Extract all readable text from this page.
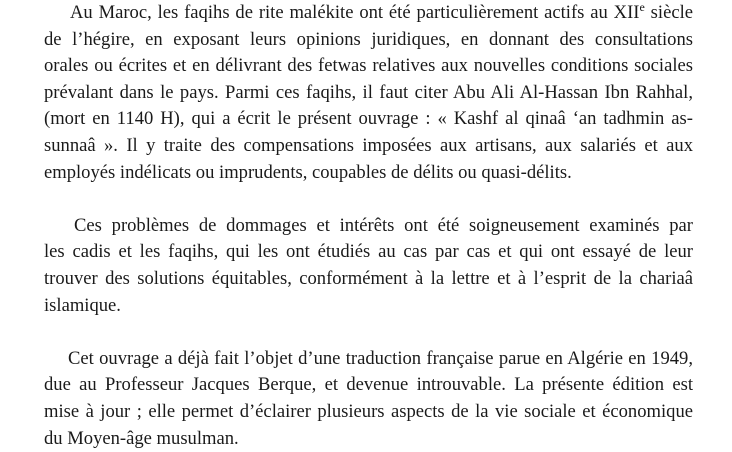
Au Maroc, les faqihs de rite malékite ont été particulièrement actifs au XIIe siècle
de l’hégire, en exposant leurs opinions juridiques, en donnant des consultations
orales ou écrites et en délivrant des fetwas relatives aux nouvelles conditions sociales
prévalant dans le pays. Parmi ces faqihs, il faut citer Abu Ali Al-Hassan Ibn Rahhal,
(mort en 1140 H), qui a écrit le présent ouvrage : « Kashf al qinaâ ‘an tadhmin as-
sunnaâ ». Il y traite des compensations imposées aux artisans, aux salariés et aux
employés indélicats ou imprudents, coupables de délits ou quasi-délits.

Ces problèmes de dommages et intérêts ont été soigneusement examinés par
les cadis et les faqihs, qui les ont étudiés au cas par cas et qui ont essayé de leur
trouver des solutions équitables, conformément à la lettre et à l’esprit de la chariaâ
islamique.

Cet ouvrage a déjà fait l’objet d’une traduction française parue en Algérie en 1949,
due au Professeur Jacques Berque, et devenue introuvable. La présente édition est
mise à jour ; elle permet d’éclairer plusieurs aspects de la vie sociale et économique
du Moyen-âge musulman.
